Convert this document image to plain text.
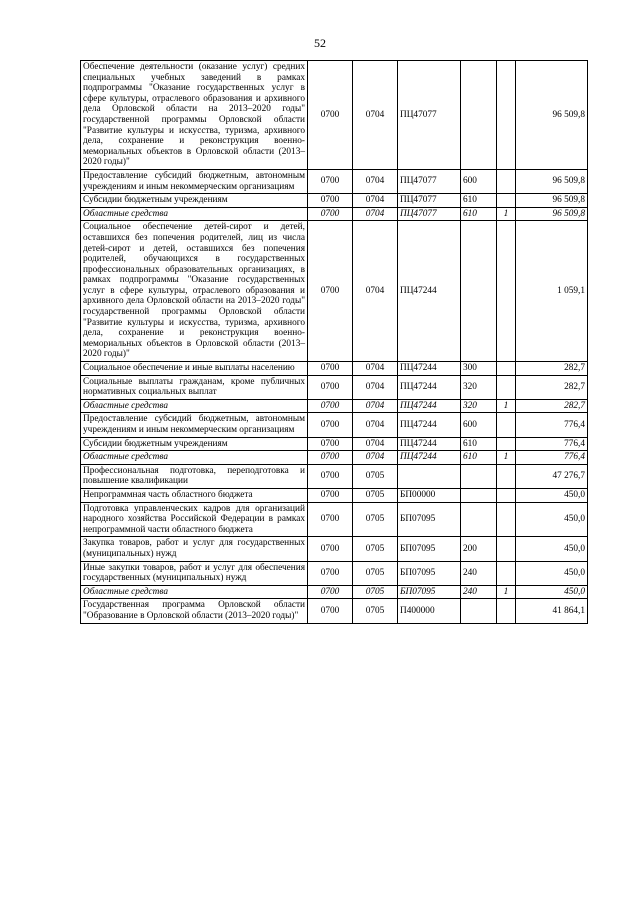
52
Обеспечение деятельности (оказание услуг) средних специальных учебных заведений в рамках подпрограммы "Оказание государственных услуг в сфере культуры, отраслевого образования и архивного дела Орловской области на 2013–2020 годы" государственной программы Орловской области "Развитие культуры и искусства, туризма, архивного дела, сохранение и реконструкция военно-мемориальных объектов в Орловской области (2013–2020 годы)"	0700	0704	ПЦ47077			96 509,8
Предоставление субсидий бюджетным, автономным учреждениям и иным некоммерческим организациям	0700	0704	ПЦ47077	600		96 509,8
Субсидии бюджетным учреждениям	0700	0704	ПЦ47077	610		96 509,8
Областные средства	0700	0704	ПЦ47077	610	1	96 509,8
Социальное обеспечение детей-сирот и детей, оставшихся без попечения родителей, лиц из числа детей-сирот и детей, оставшихся без попечения родителей, обучающихся в государственных профессиональных образовательных организациях, в рамках подпрограммы "Оказание государственных услуг в сфере культуры, отраслевого образования и архивного дела Орловской области на 2013–2020 годы" государственной программы Орловской области "Развитие культуры и искусства, туризма, архивного дела, сохранение и реконструкция военно-мемориальных объектов в Орловской области (2013–2020 годы)"	0700	0704	ПЦ47244			1 059,1
Социальное обеспечение и иные выплаты населению	0700	0704	ПЦ47244	300		282,7
Социальные выплаты гражданам, кроме публичных нормативных социальных выплат	0700	0704	ПЦ47244	320		282,7
Областные средства	0700	0704	ПЦ47244	320	1	282,7
Предоставление субсидий бюджетным, автономным учреждениям и иным некоммерческим организациям	0700	0704	ПЦ47244	600		776,4
Субсидии бюджетным учреждениям	0700	0704	ПЦ47244	610		776,4
Областные средства	0700	0704	ПЦ47244	610	1	776,4
Профессиональная подготовка, переподготовка и повышение квалификации	0700	0705				47 276,7
Непрограммная часть областного бюджета	0700	0705	БП00000			450,0
Подготовка управленческих кадров для организаций народного хозяйства Российской Федерации в рамках непрограммной части областного бюджета	0700	0705	БП07095			450,0
Закупка товаров, работ и услуг для государственных (муниципальных) нужд	0700	0705	БП07095	200		450,0
Иные закупки товаров, работ и услуг для обеспечения государственных (муниципальных) нужд	0700	0705	БП07095	240		450,0
Областные средства	0700	0705	БП07095	240	1	450,0
Государственная программа Орловской области "Образование в Орловской области (2013–2020 годы)"	0700	0705	П400000			41 864,1
